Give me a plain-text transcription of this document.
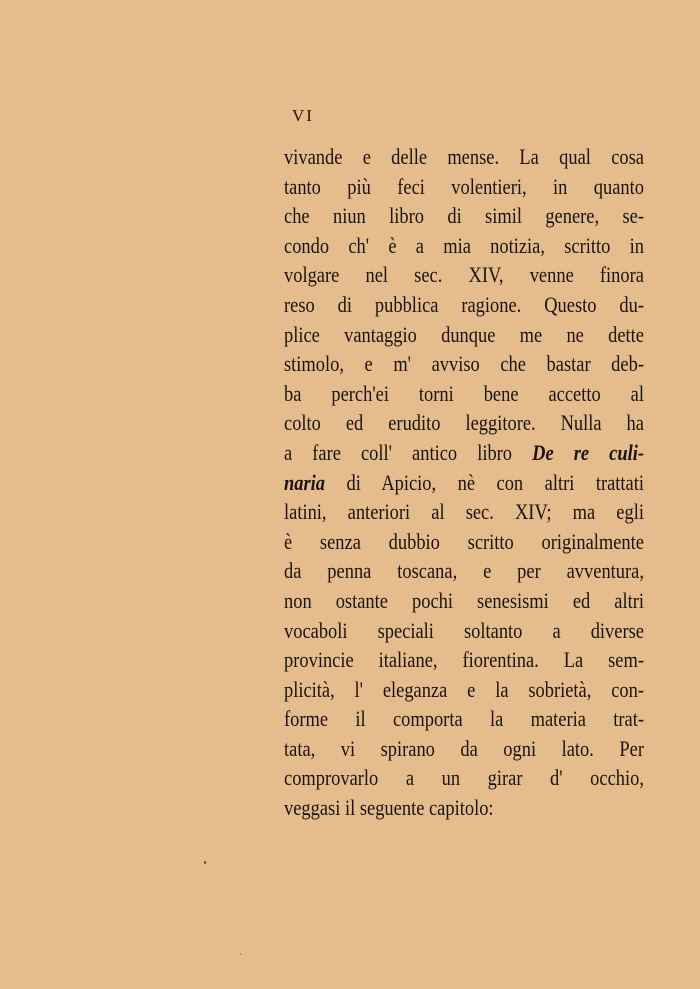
VI
vivande e delle mense. La qual cosa
tanto più feci volentieri, in quanto
che niun libro di simil genere, se-
condo ch' è a mia notizia, scritto in
volgare nel sec. XIV, venne finora
reso di pubblica ragione. Questo du-
plice vantaggio dunque me ne dette
stimolo, e m' avviso che bastar deb-
ba perch'ei torni bene accetto al
colto ed erudito leggitore. Nulla ha
a fare coll' antico libro De re culi-
naria di Apicio, nè con altri trattati
latini, anteriori al sec. XIV; ma egli
è senza dubbio scritto originalmente
da penna toscana, e per avventura,
non ostante pochi senesismi ed altri
vocaboli speciali soltanto a diverse
provincie italiane, fiorentina. La sem-
plicità, l' eleganza e la sobrietà, con-
forme il comporta la materia trat-
tata, vi spirano da ogni lato. Per
comprovarlo a un girar d' occhio,
veggasi il seguente capitolo:
